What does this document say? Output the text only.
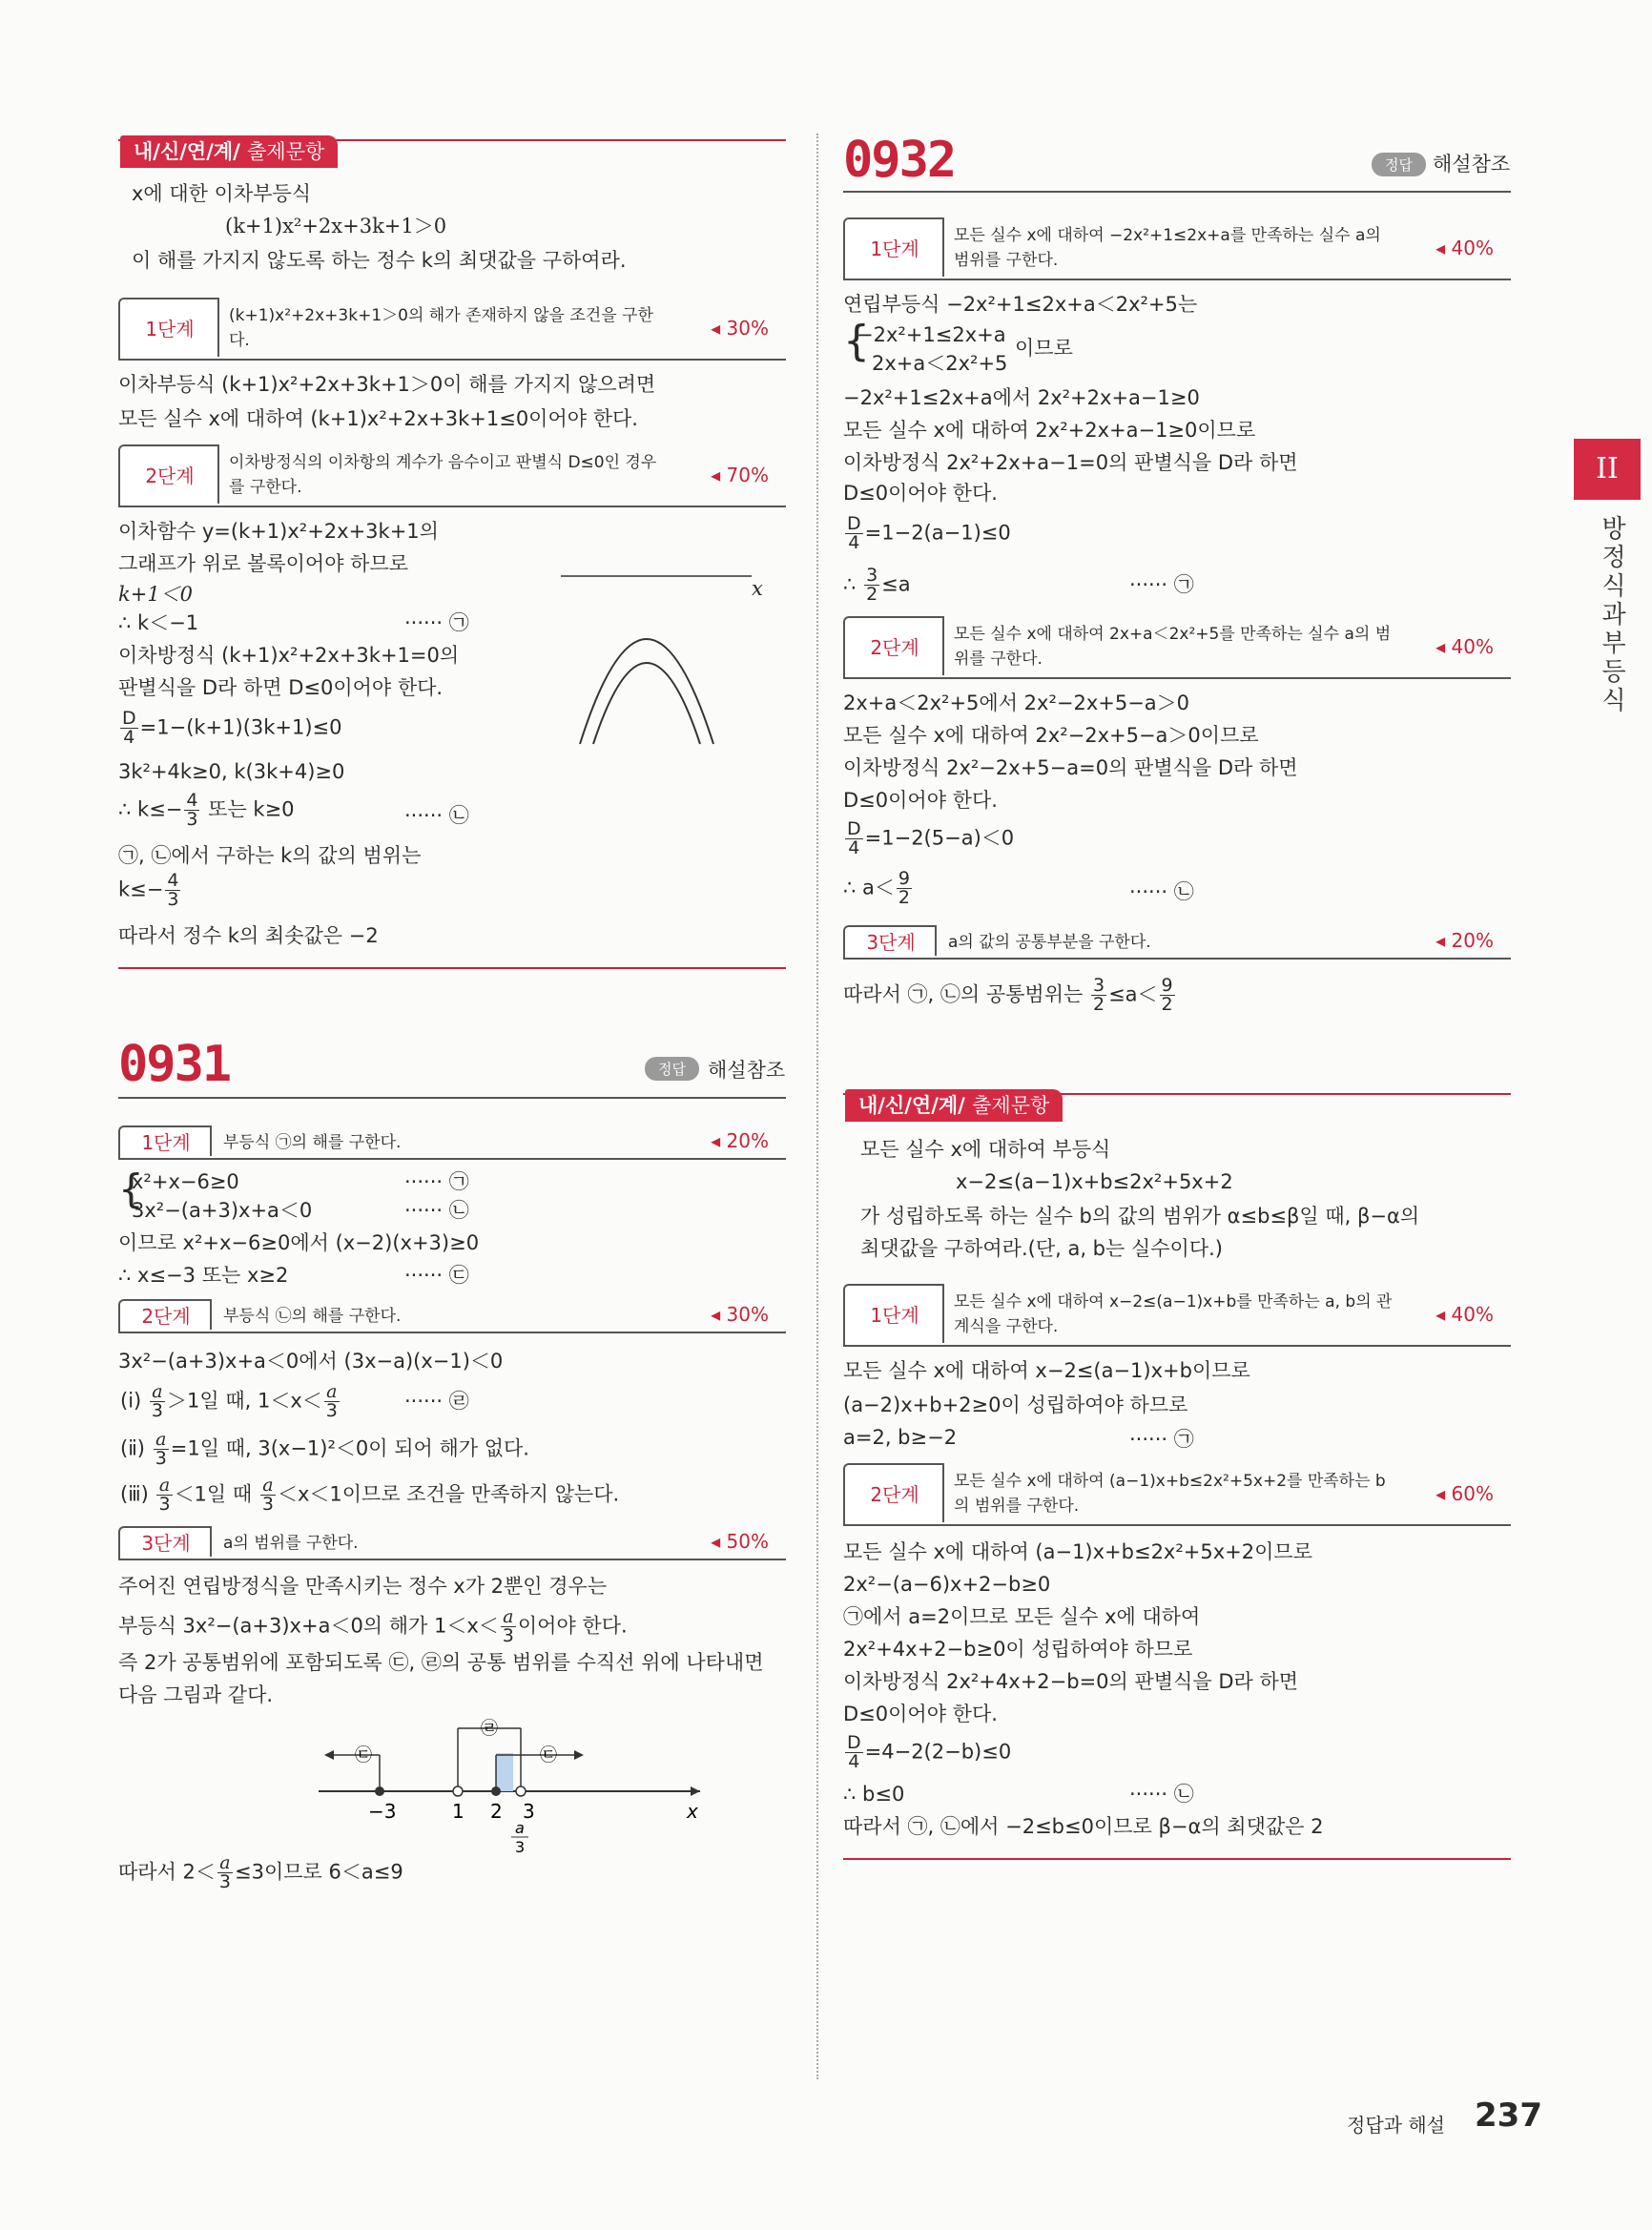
내/신/연/계/ 출제문항
x에 대한 이차부등식
(k+1)x²+2x+3k+1＞0
이 해를 가지지 않도록 하는 정수 k의 최댓값을 구하여라.
1단계
(k+1)x²+2x+3k+1＞0의 해가 존재하지 않을 조건을 구한다.
◂ 30%
이차부등식 (k+1)x²+2x+3k+1＞0이 해를 가지지 않으려면
모든 실수 x에 대하여 (k+1)x²+2x+3k+1≤0이어야 한다.
2단계
이차방정식의 이차항의 계수가 음수이고 판별식 D≤0인 경우를 구한다.
◂ 70%
이차함수 y=(k+1)x²+2x+3k+1의
그래프가 위로 볼록이어야 하므로
k+1＜0
∴ k＜−1	······ ㉠
이차방정식 (k+1)x²+2x+3k+1=0의
판별식을 D라 하면 D≤0이어야 한다.
$\frac{D}{4} =1-(k+1)(3k+1)\le 0$
3k²+4k≥0, k(3k+4)≥0
∴ $k\le- \frac{4}{3}$ 또는 k≥0	······ ㉡
㉠, ㉡에서 구하는 k의 값의 범위는
$k\le- \frac{4}{3}$
따라서 정수 k의 최솟값은 −2
x
0931	정답	해설참조
1단계	부등식 ㉠의 해를 구한다.	◂ 20%
{
x²+x−6≥0	······ ㉠
3x²−(a+3)x+a＜0	······ ㉡
이므로 x²+x−6≥0에서 (x−2)(x+3)≥0
∴ x≤−3 또는 x≥2	······ ㉢
2단계	부등식 ㉡의 해를 구한다.	◂ 30%
3x²−(a+3)x+a＜0에서 (3x−a)(x−1)＜0
(ⅰ) $\frac{a}{3} >1$일 때, $1<x< \frac{a}{3}$	······ ㉣
(ⅱ) $\frac{a}{3} =1$일 때, 3(x−1)²＜0이 되어 해가 없다.
(ⅲ) $\frac{a}{3} <1$일 때 $\frac{a}{3} <x<1$이므로 조건을 만족하지 않는다.
3단계	a의 범위를 구한다.	◂ 50%
주어진 연립방정식을 만족시키는 정수 x가 2뿐인 경우는
부등식 3x²−(a+3)x+a＜0의 해가 $1<x< \frac{a}{3}$ 이어야 한다.
즉 2가 공통범위에 포함되도록 ㉢, ㉣의 공통 범위를 수직선 위에 나타내면
다음 그림과 같다.
㉢
㉣
㉢
−3	1 2 3	x
a
3
따라서 $2< \frac{a}{3} \le 3$이므로 6＜a≤9
0932	정답	해설참조
1단계
모든 실수 x에 대하여 −2x²+1≤2x+a를 만족하는 실수 a의 범위를 구한다.
◂ 40%
연립부등식 −2x²+1≤2x+a＜2x²+5는
{
−2x²+1≤2x+a
2x+a＜2x²+5
이므로
−2x²+1≤2x+a에서 2x²+2x+a−1≥0
모든 실수 x에 대하여 2x²+2x+a−1≥0이므로
이차방정식 2x²+2x+a−1=0의 판별식을 D라 하면
D≤0이어야 한다.
$\frac{D}{4} =1-2(a-1)\le 0$
∴ $\frac{3}{2} \le a$	······ ㉠
2단계
모든 실수 x에 대하여 2x+a＜2x²+5를 만족하는 실수 a의 범위를 구한다.
◂ 40%
2x+a＜2x²+5에서 2x²−2x+5−a＞0
모든 실수 x에 대하여 2x²−2x+5−a＞0이므로
이차방정식 2x²−2x+5−a=0의 판별식을 D라 하면
D≤0이어야 한다.
$\frac{D}{4} =1-2(5-a)<0$
∴ $a< \frac{9}{2}$	······ ㉡
3단계	a의 값의 공통부분을 구한다.	◂ 20%
따라서 ㉠, ㉡의 공통범위는 $\frac{3}{2} \le a< \frac{9}{2}$
내/신/연/계/ 출제문항
모든 실수 x에 대하여 부등식
x−2≤(a−1)x+b≤2x²+5x+2
가 성립하도록 하는 실수 b의 값의 범위가 α≤b≤β일 때, β−α의
최댓값을 구하여라.(단, a, b는 실수이다.)
1단계
모든 실수 x에 대하여 x−2≤(a−1)x+b를 만족하는 a, b의 관계식을 구한다.
◂ 40%
모든 실수 x에 대하여 x−2≤(a−1)x+b이므로
(a−2)x+b+2≥0이 성립하여야 하므로
a=2, b≥−2	······ ㉠
2단계
모든 실수 x에 대하여 (a−1)x+b≤2x²+5x+2를 만족하는 b의 범위를 구한다.
◂ 60%
모든 실수 x에 대하여 (a−1)x+b≤2x²+5x+2이므로
2x²−(a−6)x+2−b≥0
㉠에서 a=2이므로 모든 실수 x에 대하여
2x²+4x+2−b≥0이 성립하여야 하므로
이차방정식 2x²+4x+2−b=0의 판별식을 D라 하면
D≤0이어야 한다.
$\frac{D}{4} =4-2(2-b)\le 0$
∴ b≤0	······ ㉡
따라서 ㉠, ㉡에서 −2≤b≤0이므로 β−α의 최댓값은 2
II
방정식과 부등식
정답과 해설 237
